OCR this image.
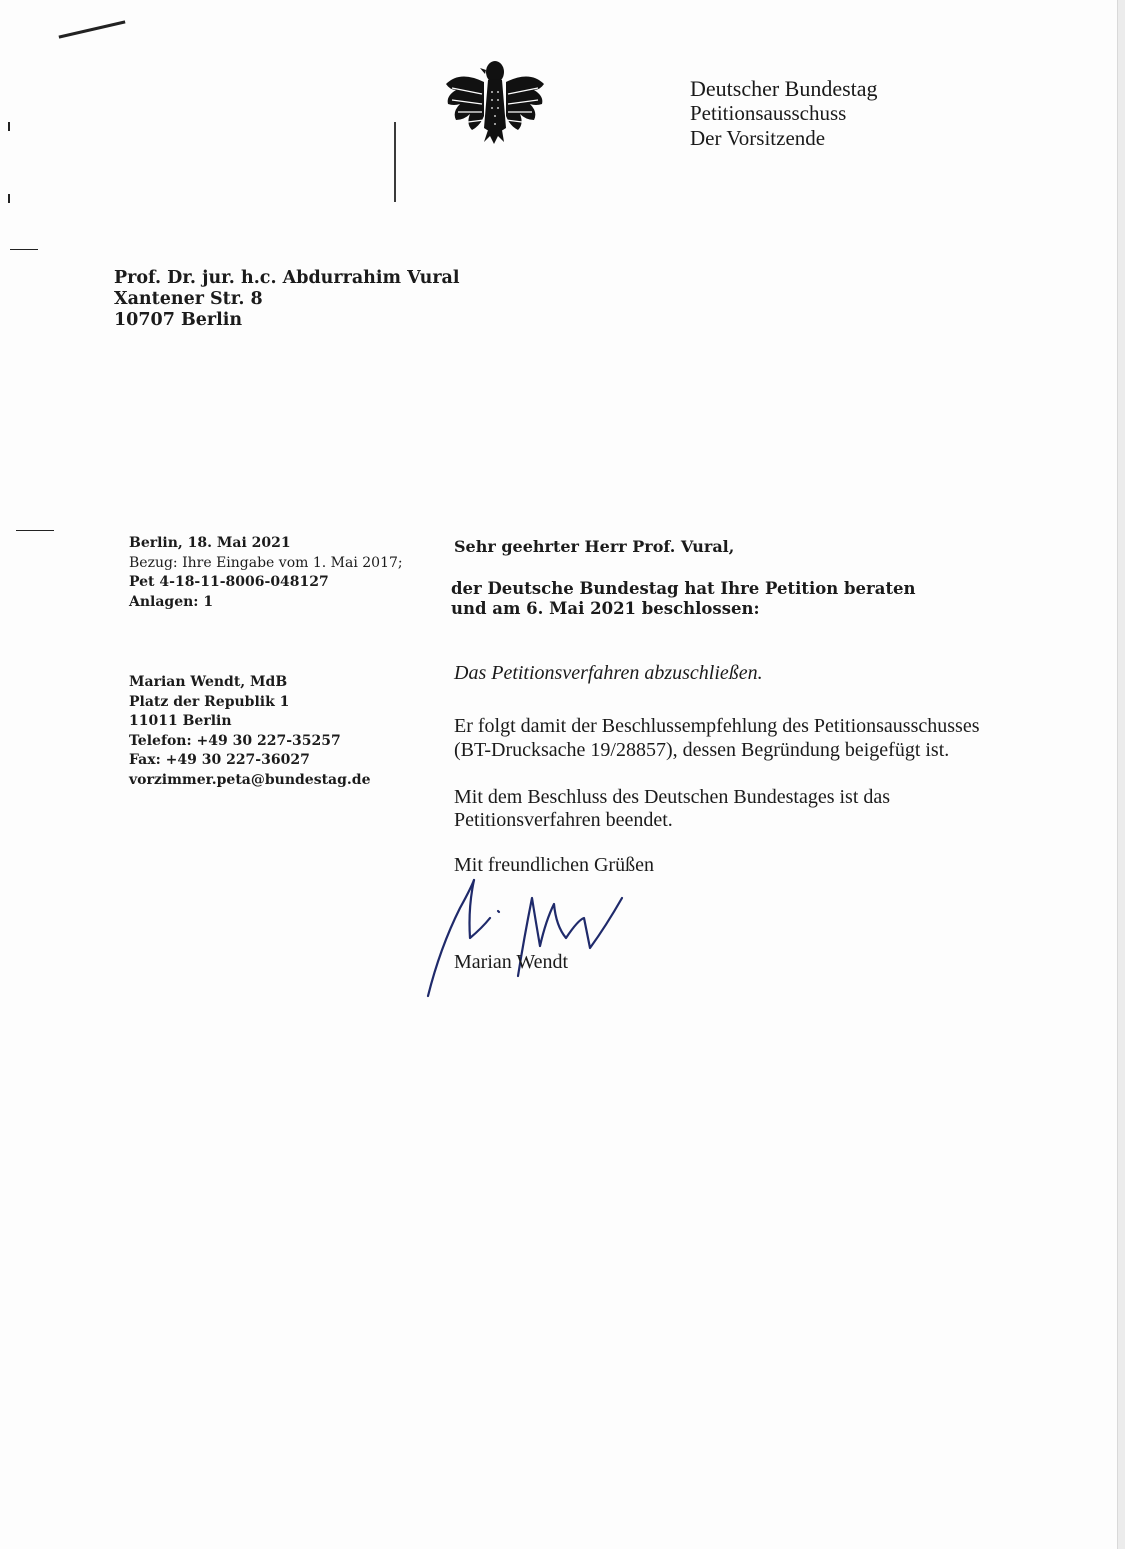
Deutscher Bundestag
Petitionsausschuss
Der Vorsitzende
Prof. Dr. jur. h.c. Abdurrahim Vural
Xantener Str. 8
10707 Berlin
Berlin, 18. Mai 2021
Bezug: Ihre Eingabe vom 1. Mai 2017;
Pet 4-18-11-8006-048127
Anlagen: 1
Marian Wendt, MdB
Platz der Republik 1
11011 Berlin
Telefon: +49 30 227-35257
Fax: +49 30 227-36027
vorzimmer.peta@bundestag.de
Sehr geehrter Herr Prof. Vural,
der Deutsche Bundestag hat Ihre Petition beraten
und am 6. Mai 2021 beschlossen:
Das Petitionsverfahren abzuschließen.
Er folgt damit der Beschlussempfehlung des Petitionsausschusses
(BT-Drucksache 19/28857), dessen Begründung beigefügt ist.
Mit dem Beschluss des Deutschen Bundestages ist das
Petitionsverfahren beendet.
Mit freundlichen Grüßen
Marian Wendt
